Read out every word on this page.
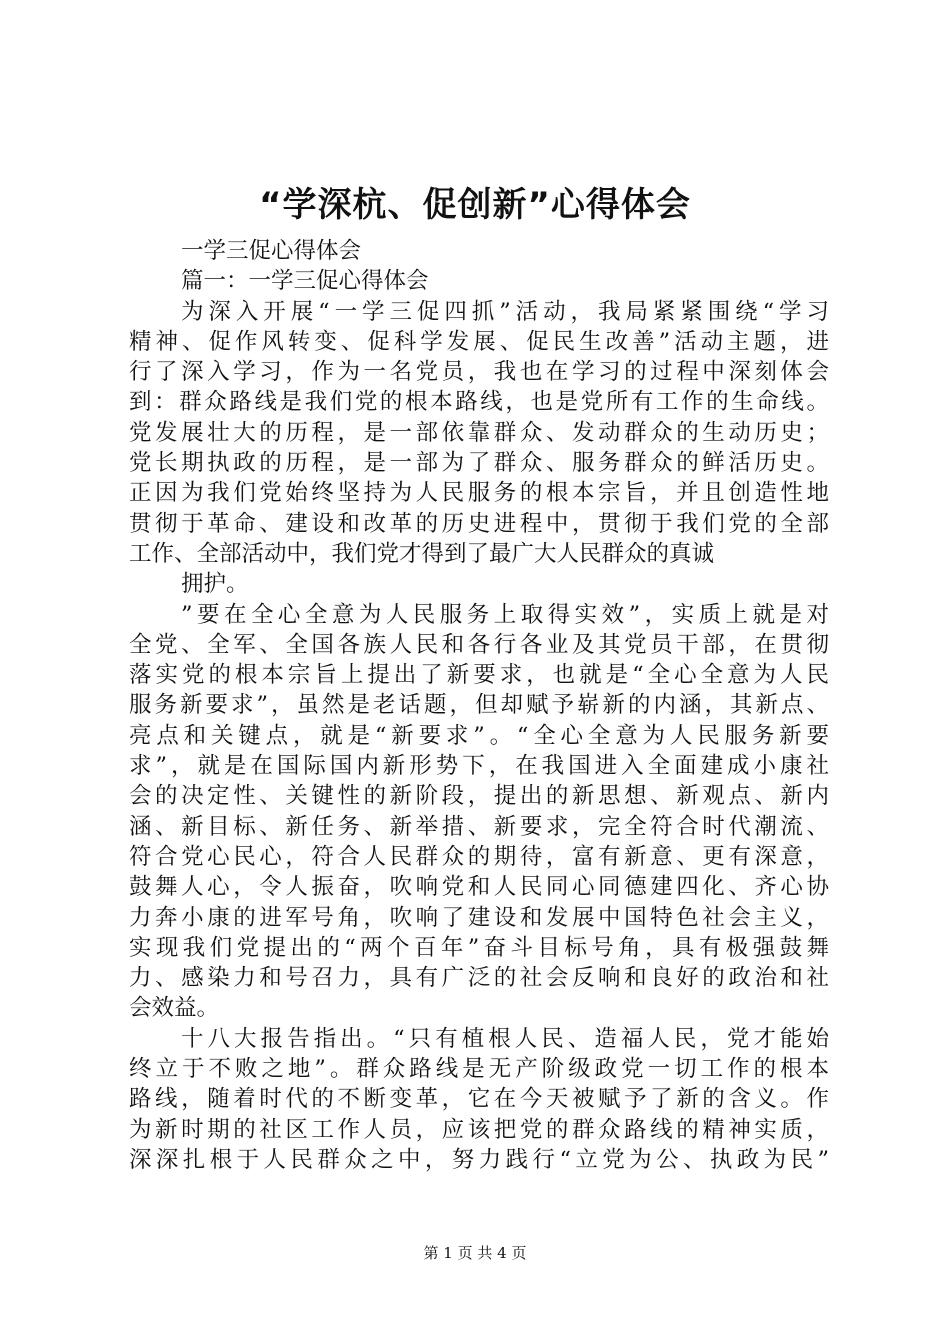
“学深杭、促创新”心得体会
一学三促心得体会
篇一：一学三促心得体会
为深入开展“一学三促四抓”活动，我局紧紧围绕“学习
精神、促作风转变、促科学发展、促民生改善”活动主题，进
行了深入学习，作为一名党员，我也在学习的过程中深刻体会
到：群众路线是我们党的根本路线，也是党所有工作的生命线。
党发展壮大的历程，是一部依靠群众、发动群众的生动历史；
党长期执政的历程，是一部为了群众、服务群众的鲜活历史。
正因为我们党始终坚持为人民服务的根本宗旨，并且创造性地
贯彻于革命、建设和改革的历史进程中，贯彻于我们党的全部
工作、全部活动中，我们党才得到了最广大人民群众的真诚
拥护。
”要在全心全意为人民服务上取得实效”，实质上就是对
全党、全军、全国各族人民和各行各业及其党员干部，在贯彻
落实党的根本宗旨上提出了新要求，也就是“全心全意为人民
服务新要求”，虽然是老话题，但却赋予崭新的内涵，其新点、
亮点和关键点，就是“新要求”。“全心全意为人民服务新要
求”，就是在国际国内新形势下，在我国进入全面建成小康社
会的决定性、关键性的新阶段，提出的新思想、新观点、新内
涵、新目标、新任务、新举措、新要求，完全符合时代潮流、
符合党心民心，符合人民群众的期待，富有新意、更有深意，
鼓舞人心，令人振奋，吹响党和人民同心同德建四化、齐心协
力奔小康的进军号角，吹响了建设和发展中国特色社会主义，
实现我们党提出的“两个百年”奋斗目标号角，具有极强鼓舞
力、感染力和号召力，具有广泛的社会反响和良好的政治和社
会效益。
十八大报告指出。“只有植根人民、造福人民，党才能始
终立于不败之地”。群众路线是无产阶级政党一切工作的根本
路线，随着时代的不断变革，它在今天被赋予了新的含义。作
为新时期的社区工作人员，应该把党的群众路线的精神实质，
深深扎根于人民群众之中，努力践行“立党为公、执政为民”
第 1 页 共 4 页
